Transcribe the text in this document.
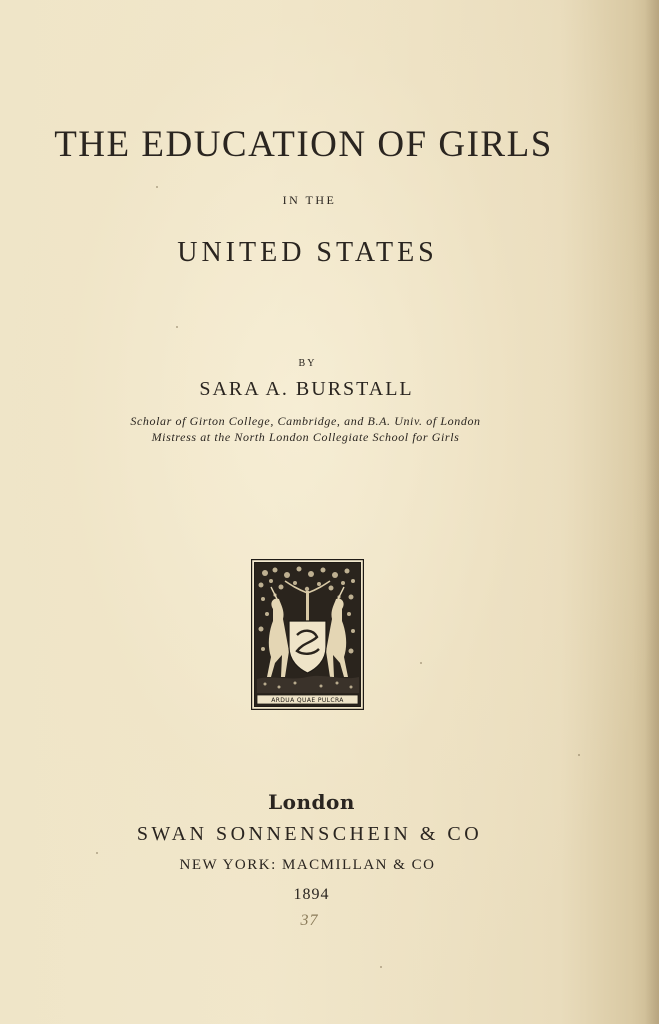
THE EDUCATION OF GIRLS
IN THE
UNITED STATES
BY
SARA A. BURSTALL
Scholar of Girton College, Cambridge, and B.A. Univ. of London
Mistress at the North London Collegiate School for Girls
ARDUA QUAE PULCRA
London
SWAN SONNENSCHEIN & CO
NEW YORK: MACMILLAN & CO
1894
37
